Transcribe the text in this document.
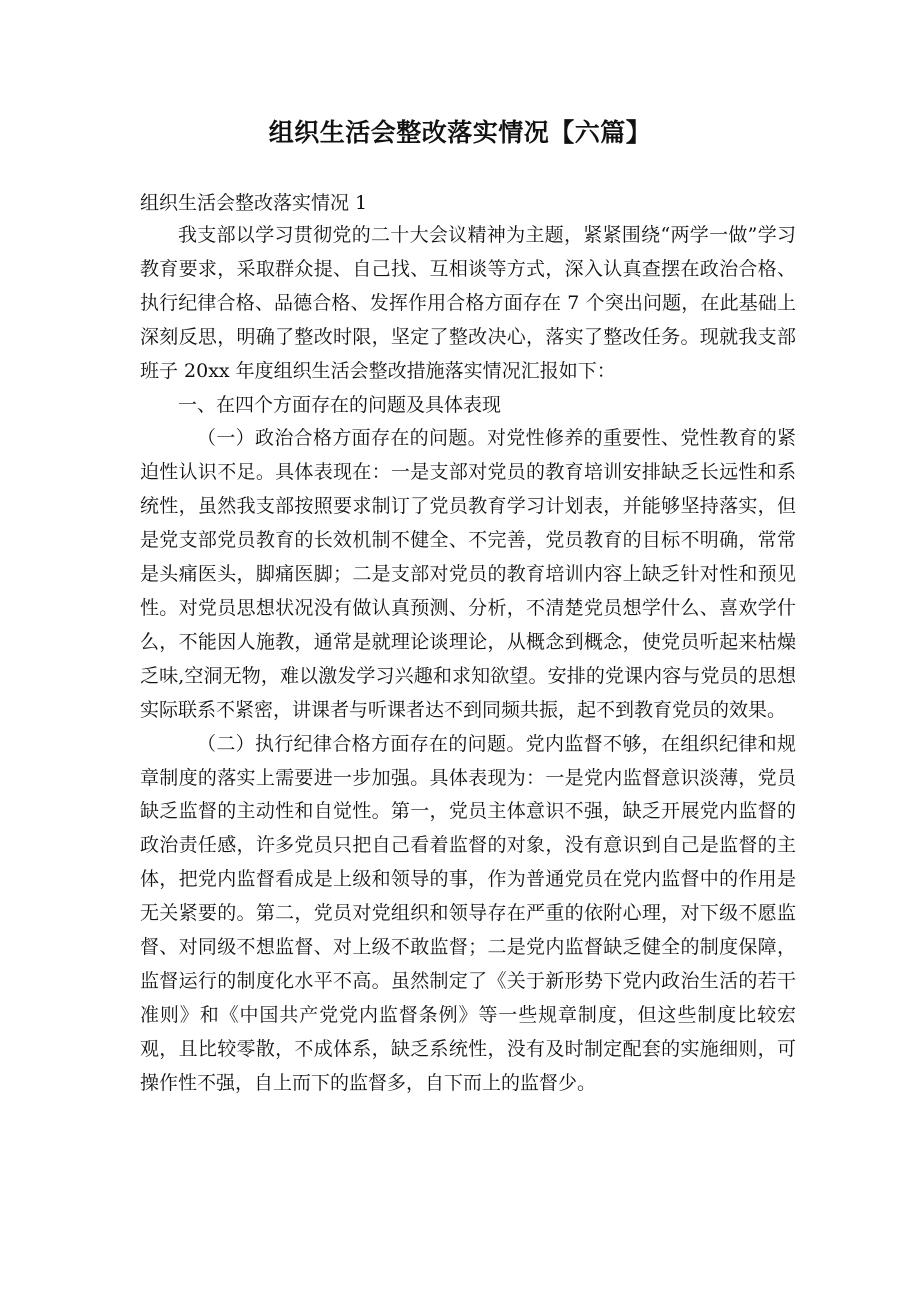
组织生活会整改落实情况【六篇】
组织生活会整改落实情况 1

我支部以学习贯彻党的二十大会议精神为主题，紧紧围绕“两学一做”学习教育要求，采取群众提、自己找、互相谈等方式，深入认真查摆在政治合格、执行纪律合格、品德合格、发挥作用合格方面存在 7 个突出问题，在此基础上深刻反思，明确了整改时限，坚定了整改决心，落实了整改任务。现就我支部班子 20xx 年度组织生活会整改措施落实情况汇报如下：

一、在四个方面存在的问题及具体表现

（一）政治合格方面存在的问题。对党性修养的重要性、党性教育的紧迫性认识不足。具体表现在：一是支部对党员的教育培训安排缺乏长远性和系统性，虽然我支部按照要求制订了党员教育学习计划表，并能够坚持落实，但是党支部党员教育的长效机制不健全、不完善，党员教育的目标不明确，常常是头痛医头，脚痛医脚；二是支部对党员的教育培训内容上缺乏针对性和预见性。对党员思想状况没有做认真预测、分析，不清楚党员想学什么、喜欢学什么，不能因人施教，通常是就理论谈理论，从概念到概念，使党员听起来枯燥乏味,空洞无物，难以激发学习兴趣和求知欲望。安排的党课内容与党员的思想实际联系不紧密，讲课者与听课者达不到同频共振，起不到教育党员的效果。

（二）执行纪律合格方面存在的问题。党内监督不够，在组织纪律和规章制度的落实上需要进一步加强。具体表现为：一是党内监督意识淡薄，党员缺乏监督的主动性和自觉性。第一，党员主体意识不强，缺乏开展党内监督的政治责任感，许多党员只把自己看着监督的对象，没有意识到自己是监督的主体，把党内监督看成是上级和领导的事，作为普通党员在党内监督中的作用是无关紧要的。第二，党员对党组织和领导存在严重的依附心理，对下级不愿监督、对同级不想监督、对上级不敢监督；二是党内监督缺乏健全的制度保障，监督运行的制度化水平不高。虽然制定了《关于新形势下党内政治生活的若干准则》和《中国共产党党内监督条例》等一些规章制度，但这些制度比较宏观，且比较零散，不成体系，缺乏系统性，没有及时制定配套的实施细则，可操作性不强，自上而下的监督多，自下而上的监督少。
